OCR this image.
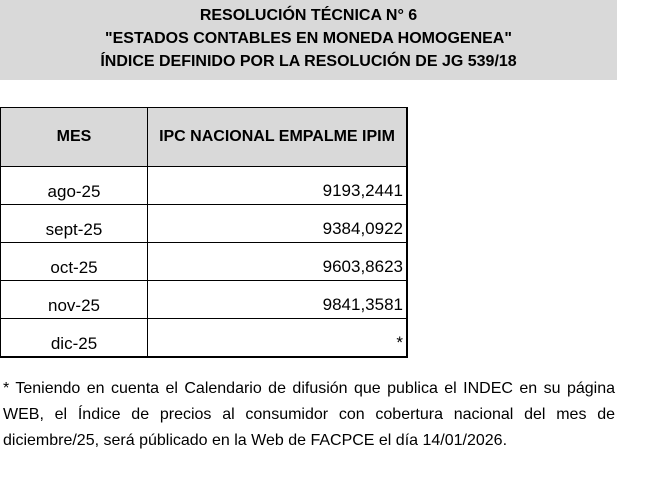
RESOLUCIÓN TÉCNICA N° 6
"ESTADOS CONTABLES EN MONEDA HOMOGENEA"
ÍNDICE DEFINIDO POR LA RESOLUCIÓN DE JG 539/18
MES	IPC NACIONAL EMPALME IPIM
ago-25	9193,2441
sept-25	9384,0922
oct-25	9603,8623
nov-25	9841,3581
dic-25	*

* Teniendo en cuenta el Calendario de difusión que publica el INDEC en su página WEB, el Índice de precios al consumidor con cobertura nacional del mes de diciembre/25, será públicado en la Web de FACPCE el día 14/01/2026.
